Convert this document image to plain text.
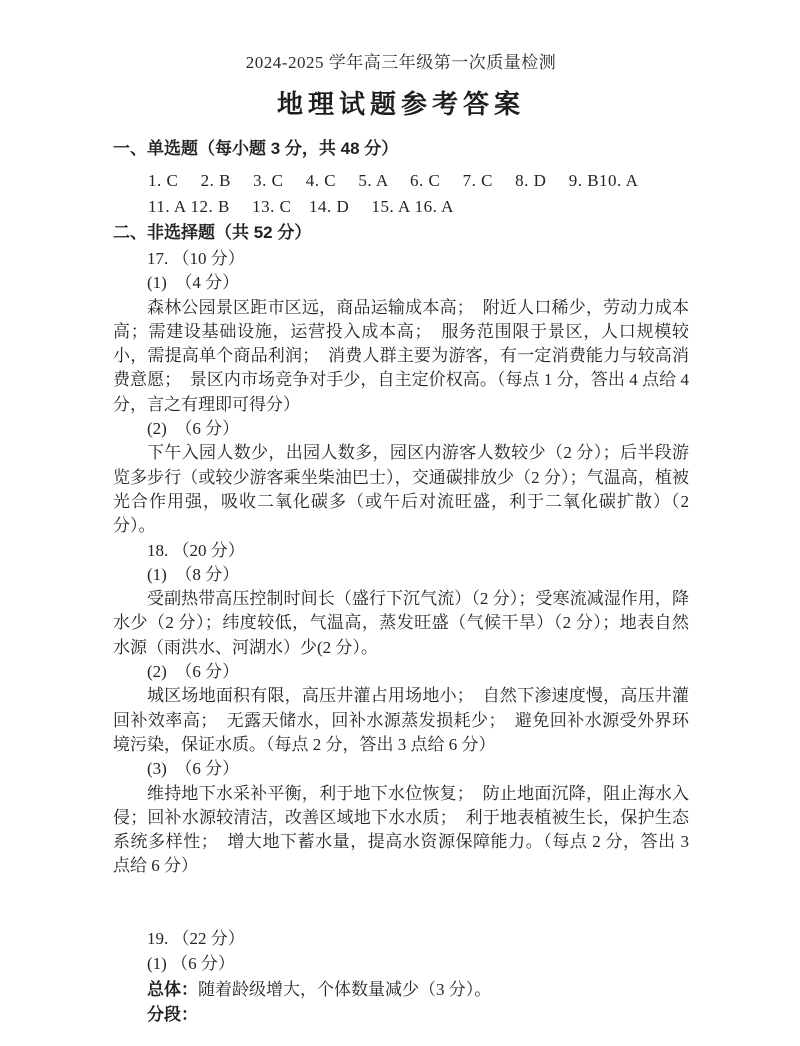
2024-2025 学年高三年级第一次质量检测
地理试题参考答案
一、单选题（每小题 3 分，共 48 分）
1. C　 2. B　 3. C　 4. C　 5. A　 6. C　 7. C　 8. D　 9. B10. A
11. A 12. B　 13. C　14. D　 15. A 16. A
二、非选择题（共 52 分）
17. （10 分）
(1)　（4 分）

森林公园景区距市区远，商品运输成本高；　附近人口稀少，劳动力成本高；需建设基础设施，运营投入成本高；　服务范围限于景区，人口规模较小，需提高单个商品利润；　消费人群主要为游客，有一定消费能力与较高消费意愿；　景区内市场竞争对手少，自主定价权高。（每点 1 分，答出 4 点给 4 分，言之有理即可得分）

(2)　（6 分）

下午入园人数少，出园人数多，园区内游客人数较少（2 分）；后半段游览多步行（或较少游客乘坐柴油巴士），交通碳排放少（2 分）；气温高，植被光合作用强，吸收二氧化碳多（或午后对流旺盛，利于二氧化碳扩散）（2 分）。

18. （20 分）
(1)　（8 分）

受副热带高压控制时间长（盛行下沉气流）（2 分）；受寒流减湿作用，降水少（2 分）；纬度较低，气温高，蒸发旺盛（气候干旱）（2 分）；地表自然水源（雨洪水、河湖水）少(2 分）。

(2)　（6 分）

城区场地面积有限，高压井灌占用场地小；　自然下渗速度慢，高压井灌回补效率高；　无露天储水，回补水源蒸发损耗少；　避免回补水源受外界环境污染，保证水质。（每点 2 分，答出 3 点给 6 分）

(3)　（6 分）

维持地下水采补平衡，利于地下水位恢复；　防止地面沉降，阻止海水入侵；回补水源较清洁，改善区域地下水水质；　利于地表植被生长，保护生态系统多样性；　增大地下蓄水量，提高水资源保障能力。（每点 2 分，答出 3 点给 6 分）

19. （22 分）
(1) （6 分）
总体：随着龄级增大，个体数量减少（3 分）。
分段：
